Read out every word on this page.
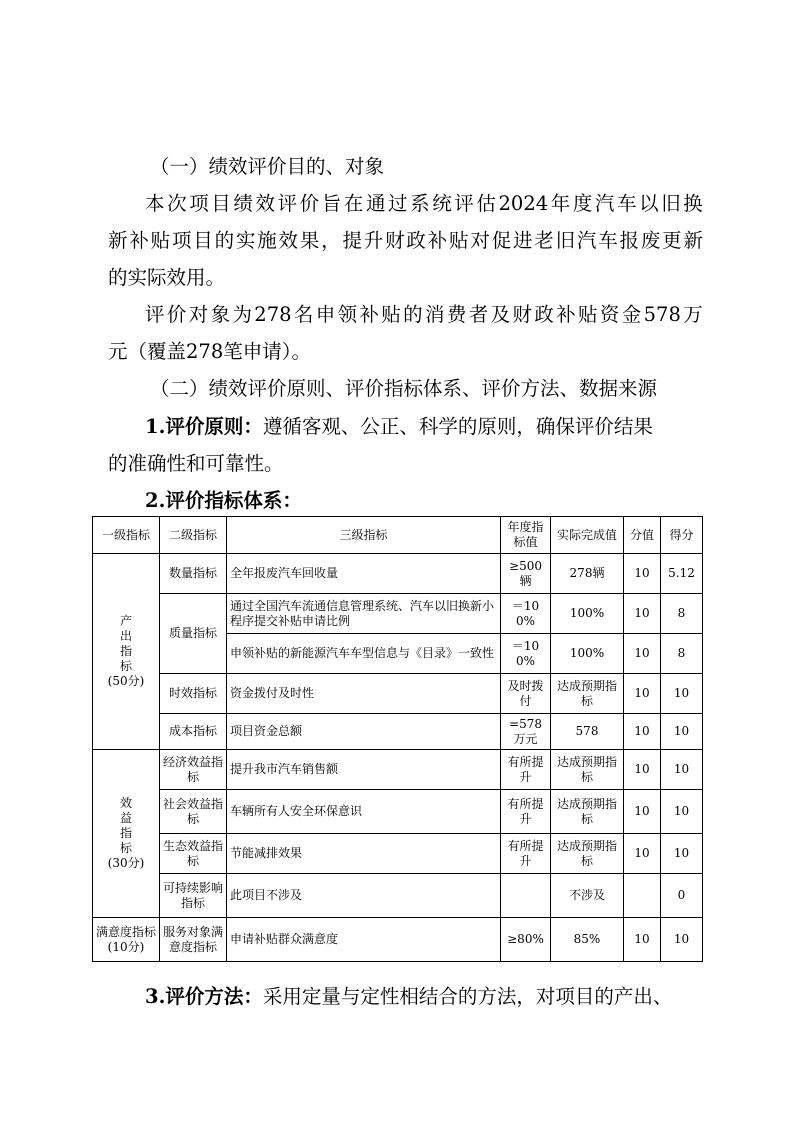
（一）绩效评价目的、对象
本 次 项 目 绩 效 评 价 旨 在 通 过 系 统 评 估 2024 年 度 汽 车 以 旧 换
新 补 贴 项 目 的 实 施 效 果 ， 提 升 财 政 补 贴 对 促 进 老 旧 汽 车 报 废 更 新
的实际效用。
评 价 对 象 为 278 名 申 领 补 贴 的 消 费 者 及 财 政 补 贴 资 金 578 万
元（覆盖278笔申请）。
（二）绩效评价原则、评价指标体系、评价方法、数据来源
1.评价原则：遵循客观、公正、科学的原则，确保评价结果
的准确性和可靠性。
2.评价指标体系：
一级指标	二级指标	三级指标	年度指标值	实际完成值	分值	得分

产
出
指
标
(50分)	数量指标	全年报废汽车回收量	≥500辆	278辆	10	5.12
	质量指标	通过全国汽车流通信息管理系统、汽车以旧换新小程序提交补贴申请比例	＝100%	100%	10	8
		申领补贴的新能源汽车车型信息与《目录》一致性	＝100%	100%	10	8
	时效指标	资金拨付及时性	及时拨付	达成预期指标	10	10
	成本指标	项目资金总额	=578万元	578	10	10

效
益
指
标
(30分)	经济效益指标	提升我市汽车销售额	有所提升	达成预期指标	10	10
	社会效益指标	车辆所有人安全环保意识	有所提升	达成预期指标	10	10
	生态效益指标	节能减排效果	有所提升	达成预期指标	10	10
	可持续影响指标	此项目不涉及		不涉及		0
满意度指标(10分)	服务对象满意度指标	申请补贴群众满意度	≥80%	85%	10	10
3.评价方法：采用定量与定性相结合的方法，对项目的产出、
